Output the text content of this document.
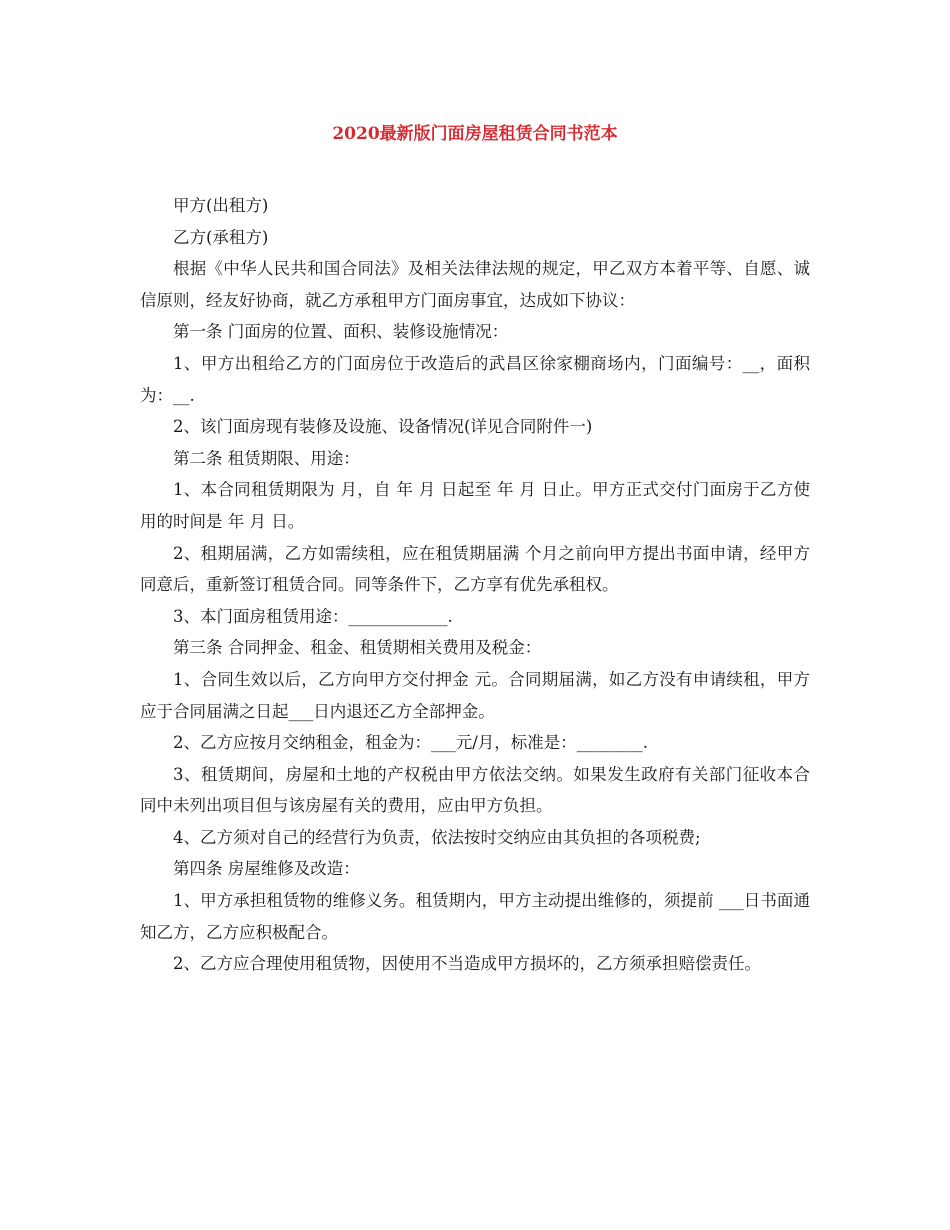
2020最新版门面房屋租赁合同书范本

甲方(出租方)

乙方(承租方)

根据《中华人民共和国合同法》及相关法律法规的规定，甲乙双方本着平等、自愿、诚信原则，经友好协商，就乙方承租甲方门面房事宜，达成如下协议：

第一条 门面房的位置、面积、装修设施情况：

1、甲方出租给乙方的门面房位于改造后的武昌区徐家棚商场内，门面编号：__，面积为：__.

2、该门面房现有装修及设施、设备情况(详见合同附件一)

第二条 租赁期限、用途：

1、本合同租赁期限为 月，自 年 月 日起至 年 月 日止。甲方正式交付门面房于乙方使用的时间是 年 月 日。

2、租期届满，乙方如需续租，应在租赁期届满 个月之前向甲方提出书面申请，经甲方同意后，重新签订租赁合同。同等条件下，乙方享有优先承租权。

3、本门面房租赁用途：____________.

第三条 合同押金、租金、租赁期相关费用及税金：

1、合同生效以后，乙方向甲方交付押金 元。合同期届满，如乙方没有申请续租，甲方应于合同届满之日起___日内退还乙方全部押金。

2、乙方应按月交纳租金，租金为：___元/月，标准是：________.

3、租赁期间，房屋和土地的产权税由甲方依法交纳。如果发生政府有关部门征收本合同中未列出项目但与该房屋有关的费用，应由甲方负担。

4、乙方须对自己的经营行为负责，依法按时交纳应由其负担的各项税费;

第四条 房屋维修及改造：

1、甲方承担租赁物的维修义务。租赁期内，甲方主动提出维修的，须提前 ___日书面通知乙方，乙方应积极配合。

2、乙方应合理使用租赁物，因使用不当造成甲方损坏的，乙方须承担赔偿责任。
